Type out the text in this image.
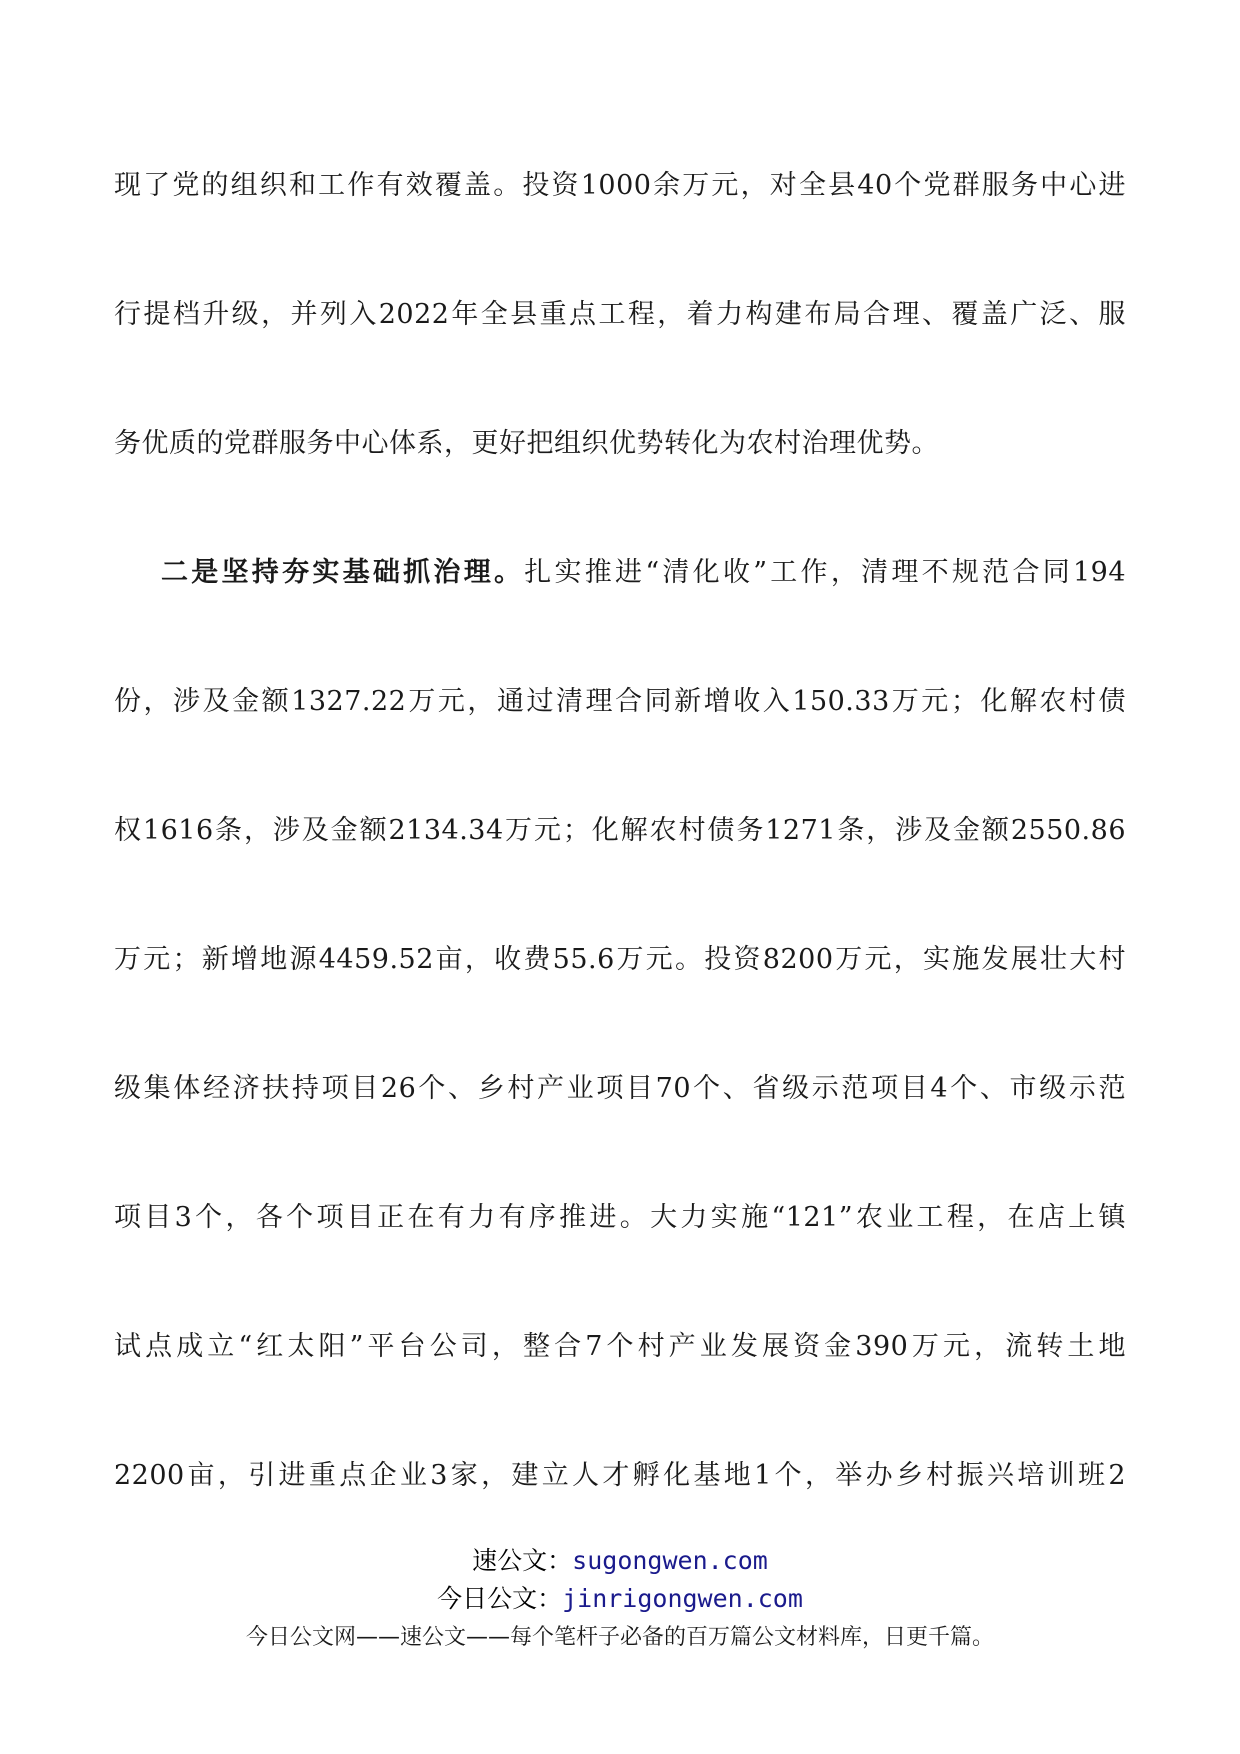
现了党的组织和工作有效覆盖。投资1000余万元，对全县40个党群服务中心进
行提档升级，并列入2022年全县重点工程，着力构建布局合理、覆盖广泛、服
务优质的党群服务中心体系，更好把组织优势转化为农村治理优势。
二是坚持夯实基础抓治理。扎实推进“清化收”工作，清理不规范合同194
份，涉及金额1327.22万元，通过清理合同新增收入150.33万元；化解农村债
权1616条，涉及金额2134.34万元；化解农村债务1271条，涉及金额2550.86
万元；新增地源4459.52亩，收费55.6万元。投资8200万元，实施发展壮大村
级集体经济扶持项目26个、乡村产业项目70个、省级示范项目4个、市级示范
项目3个，各个项目正在有力有序推进。大力实施“121”农业工程，在店上镇
试点成立“红太阳”平台公司，整合7个村产业发展资金390万元，流转土地
2200亩，引进重点企业3家，建立人才孵化基地1个，举办乡村振兴培训班2
速公文：sugongwen.com
今日公文：jinrigongwen.com
今日公文网——速公文——每个笔杆子必备的百万篇公文材料库，日更千篇。
